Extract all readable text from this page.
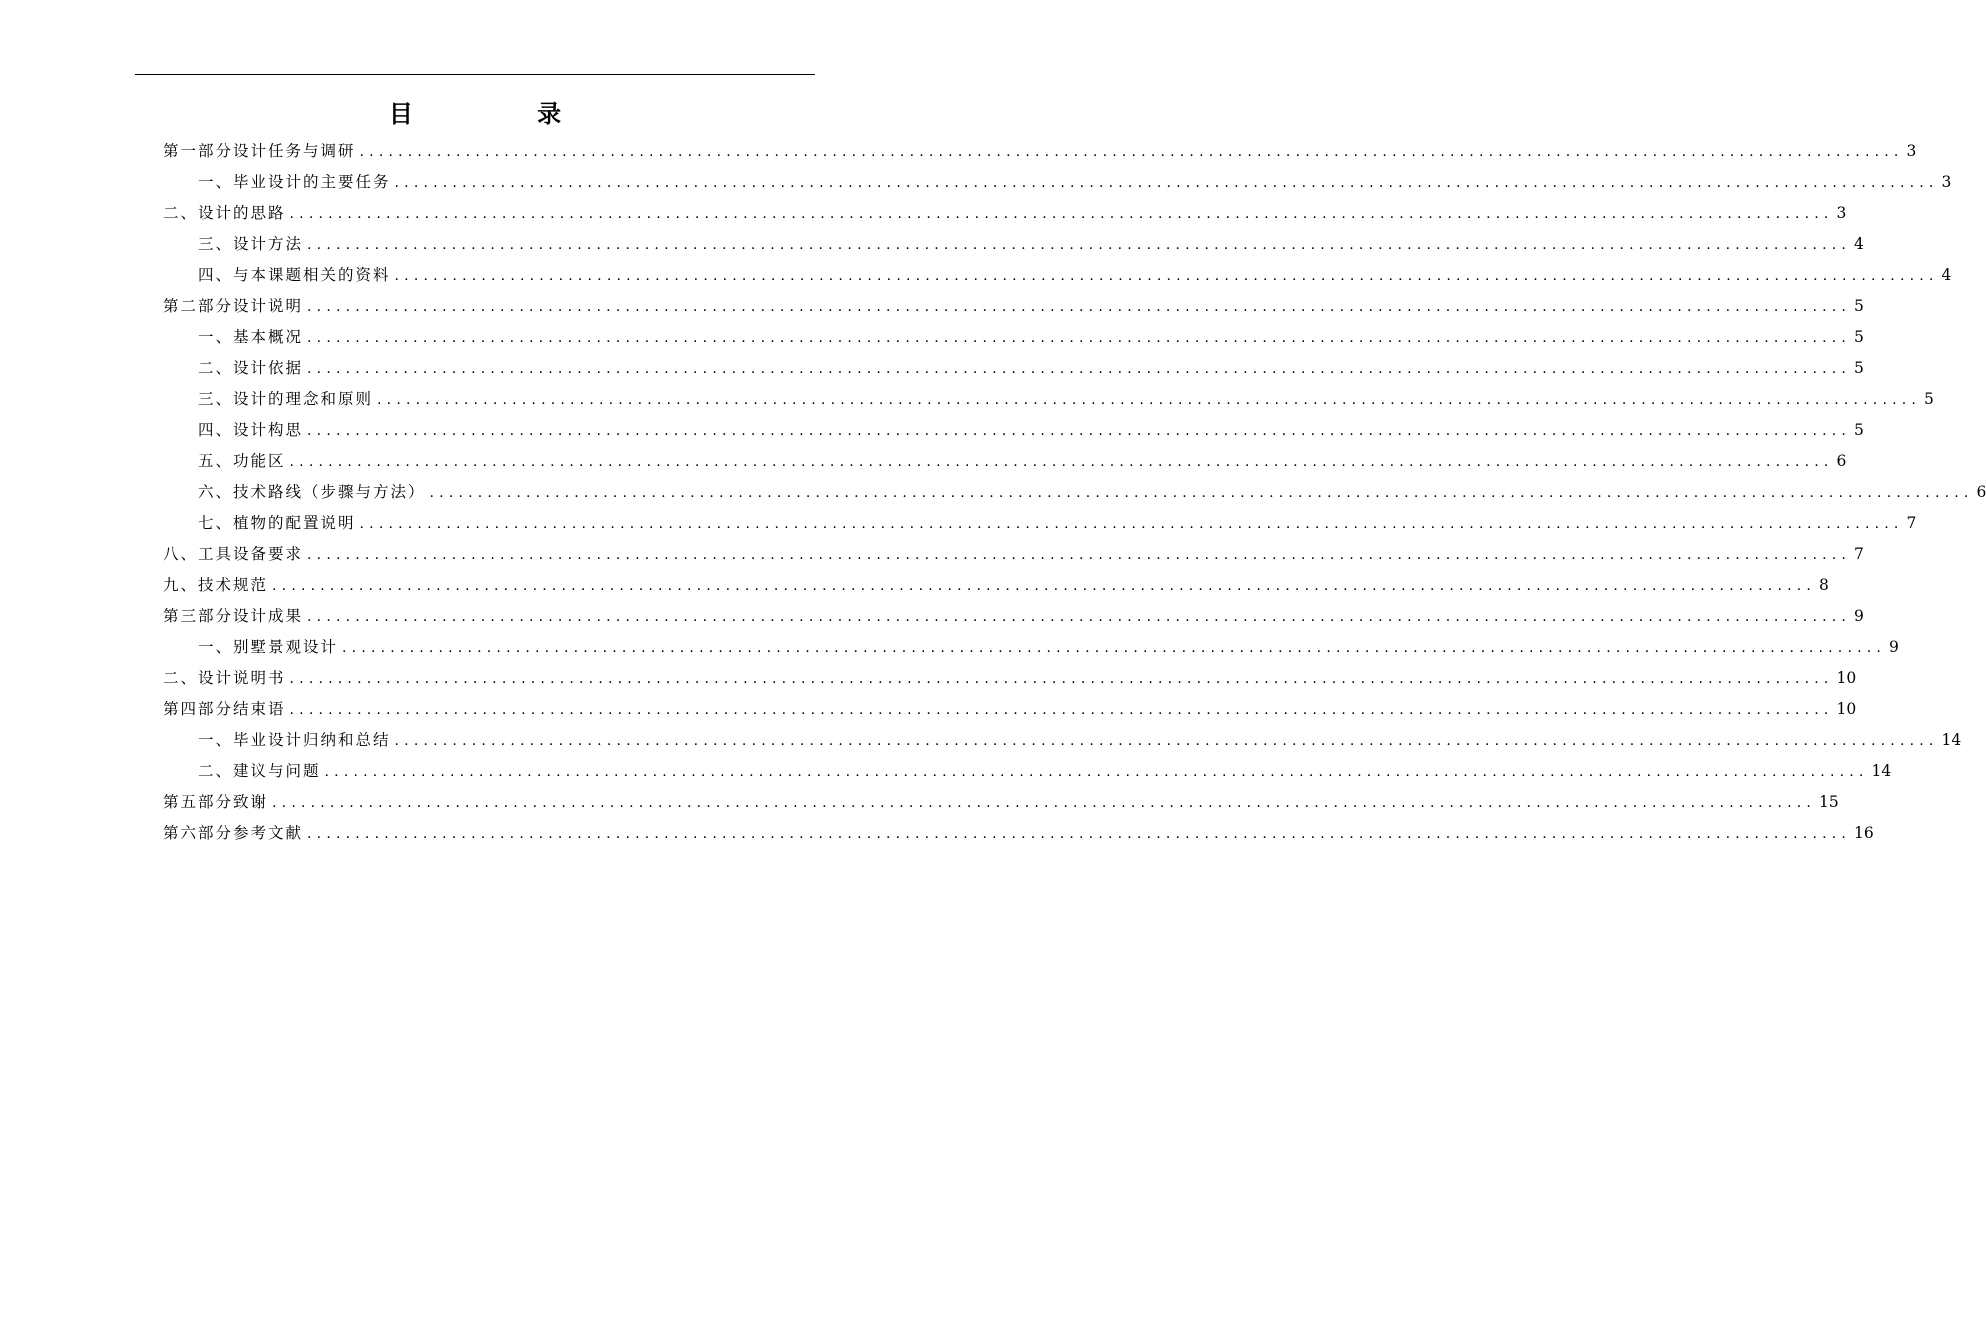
目 录
第一部分设计任务与调研 ................................................................................................................................................................ 3
一、毕业设计的主要任务 ................................................................................................................................................................ 3
二、设计的思路 ................................................................................................................................................................ 3
三、设计方法 ................................................................................................................................................................ 4
四、与本课题相关的资料 ................................................................................................................................................................ 4
第二部分设计说明 ................................................................................................................................................................ 5
一、基本概况 ................................................................................................................................................................ 5
二、设计依据 ................................................................................................................................................................ 5
三、设计的理念和原则 ................................................................................................................................................................ 5
四、设计构思 ................................................................................................................................................................ 5
五、功能区 ................................................................................................................................................................ 6
六、技术路线（步骤与方法） ................................................................................................................................................................ 6
七、植物的配置说明 ................................................................................................................................................................ 7
八、工具设备要求 ................................................................................................................................................................ 7
九、技术规范 ................................................................................................................................................................ 8
第三部分设计成果 ................................................................................................................................................................ 9
一、别墅景观设计 ................................................................................................................................................................ 9
二、设计说明书 ................................................................................................................................................................ 10
第四部分结束语 ................................................................................................................................................................ 10
一、毕业设计归纳和总结 ................................................................................................................................................................ 14
二、建议与问题 ................................................................................................................................................................ 14
第五部分致谢 ................................................................................................................................................................ 15
第六部分参考文献 ................................................................................................................................................................ 16
